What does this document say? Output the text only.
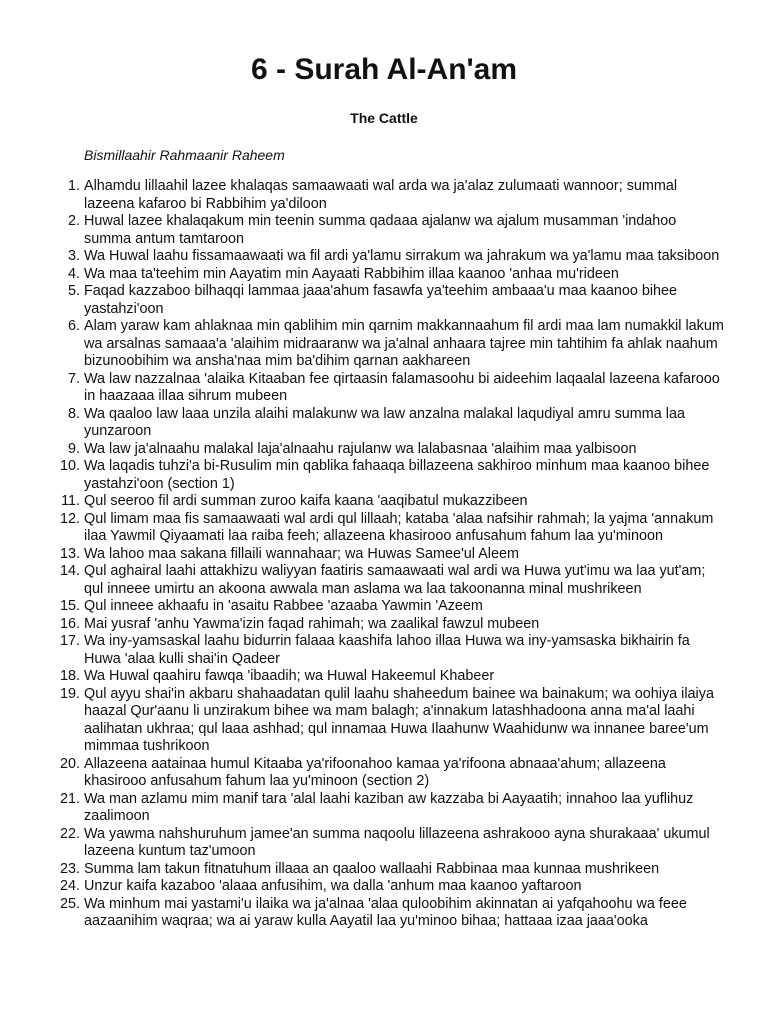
6 - Surah Al-An'am
The Cattle
Bismillaahir Rahmaanir Raheem
1. Alhamdu lillaahil lazee khalaqas samaawaati wal arda wa ja'alaz zulumaati wannoor; summal lazeena kafaroo bi Rabbihim ya'diloon
2. Huwal lazee khalaqakum min teenin summa qadaaa ajalanw wa ajalum musamman 'indahoo summa antum tamtaroon
3. Wa Huwal laahu fissamaawaati wa fil ardi ya'lamu sirrakum wa jahrakum wa ya'lamu maa taksiboon
4. Wa maa ta'teehim min Aayatim min Aayaati Rabbihim illaa kaanoo 'anhaa mu'rideen
5. Faqad kazzaboo bilhaqqi lammaa jaaa'ahum fasawfa ya'teehim ambaaa'u maa kaanoo bihee yastahzi'oon
6. Alam yaraw kam ahlaknaa min qablihim min qarnim makkannaahum fil ardi maa lam numakkil lakum wa arsalnas samaaa'a 'alaihim midraaranw wa ja'alnal anhaara tajree min tahtihim fa ahlak naahum bizunoobihim wa ansha'naa mim ba'dihim qarnan aakhareen
7. Wa law nazzalnaa 'alaika Kitaaban fee qirtaasin falamasoohu bi aideehim laqaalal lazeena kafarooo in haazaaa illaa sihrum mubeen
8. Wa qaaloo law laaa unzila alaihi malakunw wa law anzalna malakal laqudiyal amru summa laa yunzaroon
9. Wa law ja'alnaahu malakal laja'alnaahu rajulanw wa lalabasnaa 'alaihim maa yalbisoon
10. Wa laqadis tuhzi'a bi-Rusulim min qablika fahaaqa billazeena sakhiroo minhum maa kaanoo bihee yastahzi'oon (section 1)
11. Qul seeroo fil ardi summan zuroo kaifa kaana 'aaqibatul mukazzibeen
12. Qul limam maa fis samaawaati wal ardi qul lillaah; kataba 'alaa nafsihir rahmah; la yajma 'annakum ilaa Yawmil Qiyaamati laa raiba feeh; allazeena khasirooo anfusahum fahum laa yu'minoon
13. Wa lahoo maa sakana fillaili wannahaar; wa Huwas Samee'ul Aleem
14. Qul aghairal laahi attakhizu waliyyan faatiris samaawaati wal ardi wa Huwa yut'imu wa laa yut'am; qul inneee umirtu an akoona awwala man aslama wa laa takoonanna minal mushrikeen
15. Qul inneee akhaafu in 'asaitu Rabbee 'azaaba Yawmin 'Azeem
16. Mai yusraf 'anhu Yawma'izin faqad rahimah; wa zaalikal fawzul mubeen
17. Wa iny-yamsaskal laahu bidurrin falaaa kaashifa lahoo illaa Huwa wa iny-yamsaska bikhairin fa Huwa 'alaa kulli shai'in Qadeer
18. Wa Huwal qaahiru fawqa 'ibaadih; wa Huwal Hakeemul Khabeer
19. Qul ayyu shai'in akbaru shahaadatan qulil laahu shaheedum bainee wa bainakum; wa oohiya ilaiya haazal Qur'aanu li unzirakum bihee wa mam balagh; a'innakum latashhadoona anna ma'al laahi aalihatan ukhraa; qul laaa ashhad; qul innamaa Huwa Ilaahunw Waahidunw wa innanee baree'um mimmaa tushrikoon
20. Allazeena aatainaa humul Kitaaba ya'rifoonahoo kamaa ya'rifoona abnaaa'ahum; allazeena khasirooo anfusahum fahum laa yu'minoon (section 2)
21. Wa man azlamu mim manif tara 'alal laahi kaziban aw kazzaba bi Aayaatih; innahoo laa yuflihuz zaalimoon
22. Wa yawma nahshuruhum jamee'an summa naqoolu lillazeena ashrakooo ayna shurakaaa' ukumul lazeena kuntum taz'umoon
23. Summa lam takun fitnatuhum illaaa an qaaloo wallaahi Rabbinaa maa kunnaa mushrikeen
24. Unzur kaifa kazaboo 'alaaa anfusihim, wa dalla 'anhum maa kaanoo yaftaroon
25. Wa minhum mai yastami'u ilaika wa ja'alnaa 'alaa quloobihim akinnatan ai yafqahoohu wa feee aazaanihim waqraa; wa ai yaraw kulla Aayatil laa yu'minoo bihaa; hattaaa izaa jaaa'ooka
